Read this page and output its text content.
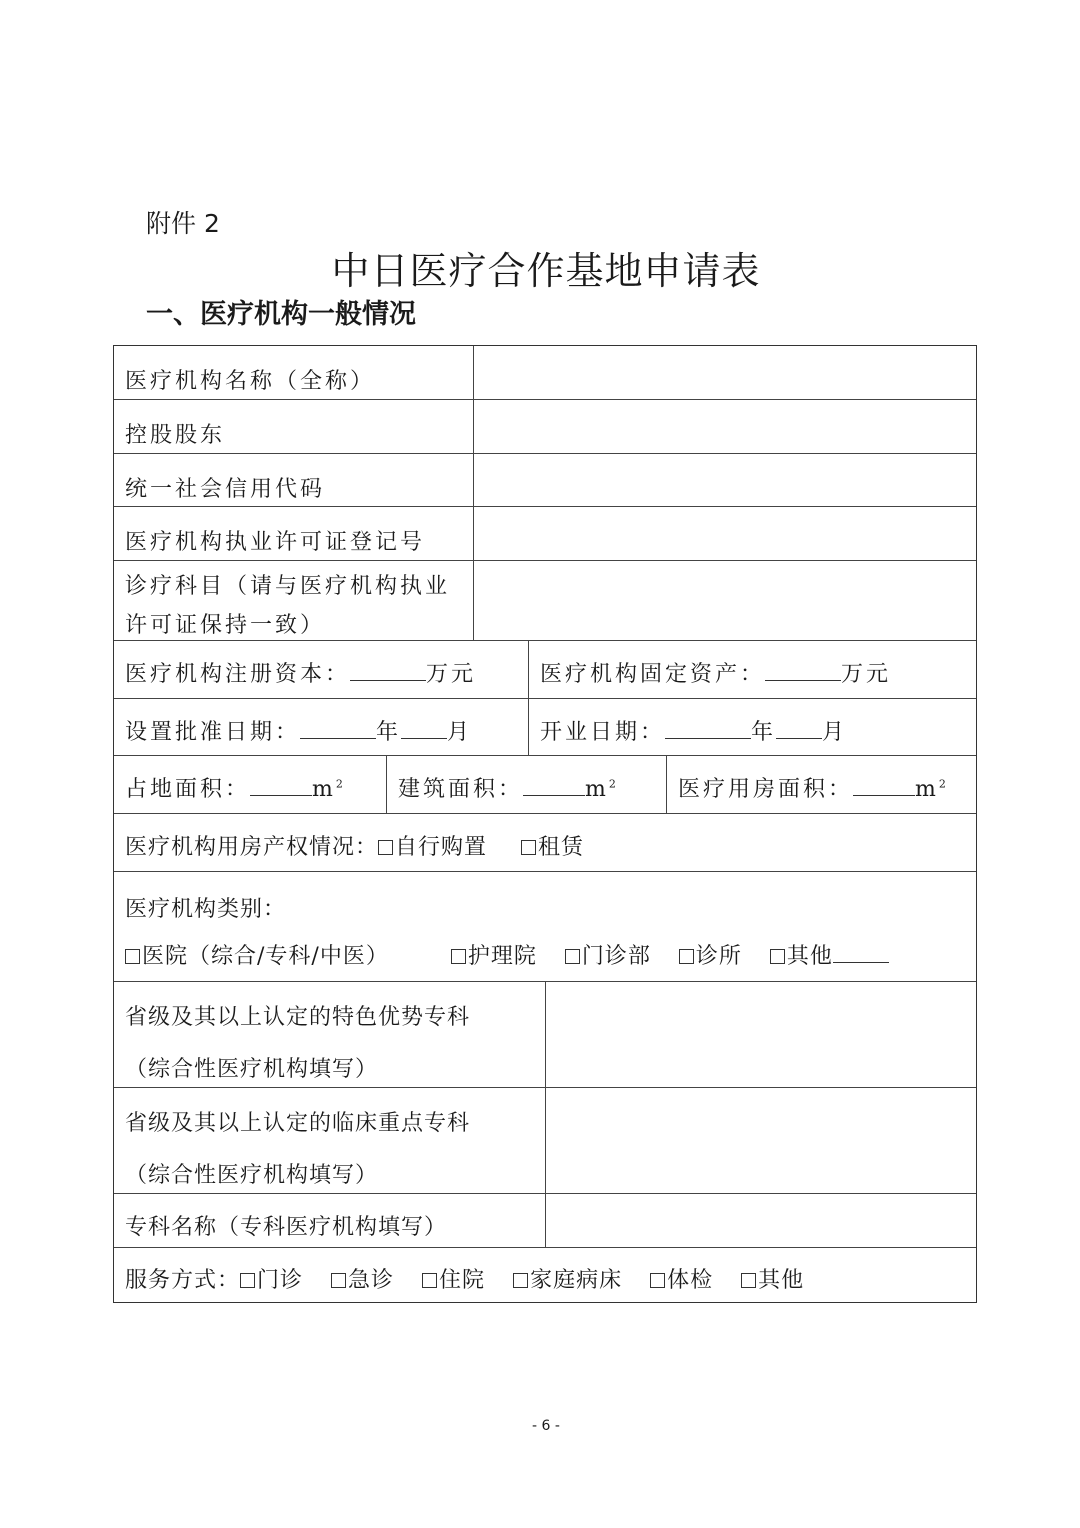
附件 2
中日医疗合作基地申请表
一、医疗机构一般情况
医疗机构名称（全称）
控股股东
统一社会信用代码
医疗机构执业许可证登记号
诊疗科目（请与医疗机构执业
许可证保持一致）
医疗机构注册资本：	万元	医疗机构固定资产：	万元
设置批准日期：	年 月	开业日期：	年 月
占地面积：	$m^2$ 建筑面积：	$m^2$	医疗用房面积：	$m^2$
医疗机构用房产权情况： 自行购置 租赁
医疗机构类别：
医院（综合/专科/中医）	护理院 门诊部 诊所 其他
省级及其以上认定的特色优势专科
（综合性医疗机构填写）
省级及其以上认定的临床重点专科
（综合性医疗机构填写）
专科名称（专科医疗机构填写）
服务方式： 门诊 急诊 住院 家庭病床 体检 其他
- 6 -
